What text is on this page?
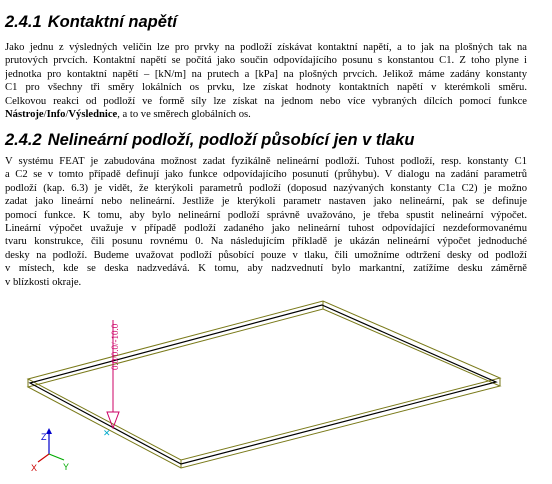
2.4.1 Kontaktní napětí
Jako jednu z výsledných veličin lze pro prvky na podloží získávat kontaktní napětí, a to jak na plošných tak na
prutových prvcích. Kontaktní napětí se počítá jako součin odpovídajícího posunu s konstantou C1. Z toho plyne i
jednotka pro kontaktní napětí – [kN/m] na prutech a [kPa] na plošných prvcích. Jelikož máme zadány konstanty
C1 pro všechny tři směry lokálních os prvku, lze získat hodnoty kontaktních napětí v kterémkoli směru.
Celkovou reakci od podloží ve formě síly lze získat na jednom nebo více vybraných dílcích pomocí funkce
Nástroje/Info/Výslednice, a to ve směrech globálních os.
2.4.2 Nelineární podloží, podloží působící jen v tlaku
V systému FEAT je zabudována možnost zadat fyzikálně nelineární podloží. Tuhost podloží, resp. konstanty C1
a C2 se v tomto případě definují jako funkce odpovídajícího posunutí (průhybu). V dialogu na zadání parametrů
podloží (kap. 6.3) je vidět, že kterýkoli parametrů podloží (doposud nazývaných konstanty C1a C2) je možno
zadat jako lineární nebo nelineární. Jestliže je kterýkoli parametr nastaven jako nelineární, pak se definuje
pomocí funkce. K tomu, aby bylo nelineární podloží správně uvažováno, je třeba spustit nelineární výpočet.
Lineární výpočet uvažuje v případě podloží zadaného jako nelineární tuhost odpovídající nezdeformovanému
tvaru konstrukce, čili posunu rovnému 0. Na následujícím příkladě je ukázán nelineární výpočet jednoduché
desky na podloží. Budeme uvažovat podloží působící pouze v tlaku, čili umožníme odtržení desky od podloží
v místech, kde se deska nadzvedává. K tomu, aby nadzvednutí bylo markantní, zatížíme desku záměrně
v blízkosti okraje.
0.0/0.0/-10.0
✕
Z
X	Y
